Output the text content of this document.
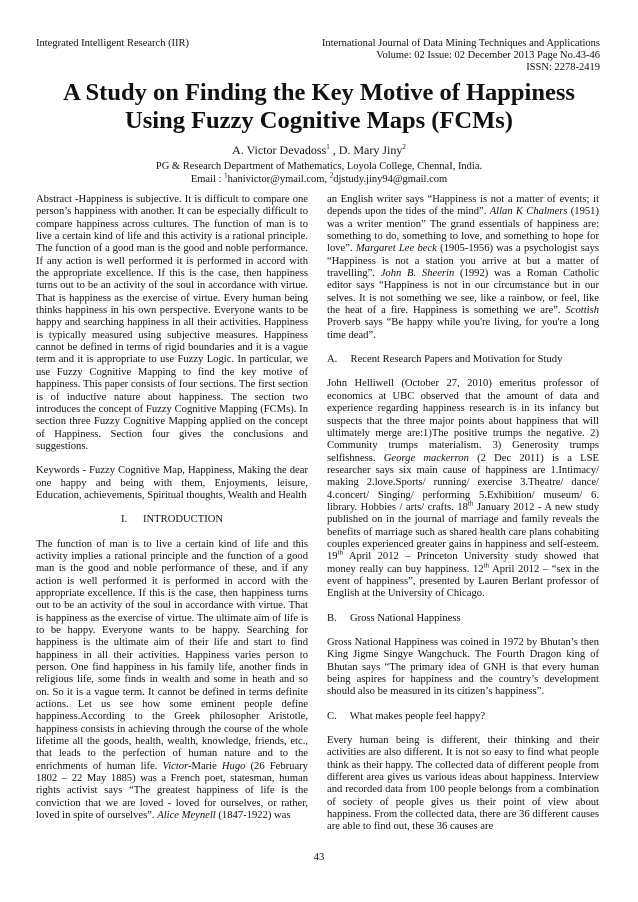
Integrated Intelligent Research (IIR)	International Journal of Data Mining Techniques and Applications
Volume: 02 Issue: 02 December 2013 Page No.43-46
ISSN: 2278-2419
A Study on Finding the Key Motive of Happiness
Using Fuzzy Cognitive Maps (FCMs)
A. Victor Devadoss$^1$ , D. Mary Jiny$^2$
PG & Research Department of Mathematics, Loyola College, ChennaI, India.
Email : $^1$hanivictor@ymail.com, $^2$djstudy.jiny94@gmail.com

Abstract -Happiness is subjective. It is difficult to compare one person’s happiness with another. It can be especially difficult to compare happiness across cultures. The function of man is to live a certain kind of life and this activity is a rational principle. The function of a good man is the good and noble performance. If any action is well performed it is performed in accord with the appropriate excellence. If this is the case, then happiness turns out to be an activity of the soul in accordance with virtue. That is happiness as the exercise of virtue. Every human being thinks happiness in his own perspective. Everyone wants to be happy and searching happiness in all their activities. Happiness is typically measured using subjective measures. Happiness cannot be defined in terms of rigid boundaries and it is a vague term and it is appropriate to use Fuzzy Logic. In particular, we use Fuzzy Cognitive Mapping to find the key motive of happiness. This paper consists of four sections. The first section is of inductive nature about happiness. The section two introduces the concept of Fuzzy Cognitive Mapping (FCMs). In section three Fuzzy Cognitive Mapping applied on the concept of Happiness. Section four gives the conclusions and suggestions.

Keywords - Fuzzy Cognitive Map, Happiness, Making the dear one happy and being with them, Enjoyments, leisure, Education, achievements, Spiritual thoughts, Wealth and Health

I.      INTRODUCTION

The function of man is to live a certain kind of life and this activity implies a rational principle and the function of a good man is the good and noble performance of these, and if any action is well performed it is performed in accord with the appropriate excellence. If this is the case, then happiness turns out to be an activity of the soul in accordance with virtue. That is happiness as the exercise of virtue. The ultimate aim of life is to be happy. Everyone wants to be happy. Searching for happiness is the ultimate aim of their life and start to find happiness in all their activities. Happiness varies person to person. One find happiness in his family life, another finds in religious life, some finds in wealth and some in heath and so on. So it is a vague term. It cannot be defined in terms definite actions. Let us see how some eminent people define happiness.According to the Greek philosopher Aristotle, happiness consists in achieving through the course of the whole lifetime all the goods, health, wealth, knowledge, friends, etc., that leads to the perfection of human nature and to the enrichments of human life. Victor-Marie Hugo (26 February 1802 – 22 May 1885) was a French poet, statesman, human rights activist says “The greatest happiness of life is the conviction that we are loved - loved for ourselves, or rather, loved in spite of ourselves”. Alice Meynell (1847-1922) was

an English writer says “Happiness is not a matter of events; it depends upon the tides of the mind”. Allan K Chalmers (1951) was a writer mention” The grand essentials of happiness are: something to do, something to love, and something to hope for love”. Margaret Lee beck (1905-1956) was a psychologist says “Happiness is not a station you arrive at but a matter of travelling”. John B. Sheerin (1992) was a Roman Catholic editor says “Happiness is not in our circumstance but in our selves. It is not something we see, like a rainbow, or feel, like the heat of a fire. Happiness is something we are”. Scottish Proverb says “Be happy while you're living, for you're a long time dead”.

A.     Recent Research Papers and Motivation for Study

John Helliwell (October 27, 2010) emeritus professor of economics at UBC observed that the amount of data and experience regarding happiness research is in its infancy but suspects that the three major points about happiness that will ultimately merge are:1)The positive trumps the negative. 2) Community trumps materialism. 3) Generosity trumps selfishness. George mackerron (2 Dec 2011) is a LSE researcher says six main cause of happiness are 1.Intimacy/ making 2.love.Sports/ running/ exercise 3.Theatre/ dance/ 4.concert/ Singing/ performing 5.Exhibition/ museum/ 6. library. Hobbies / arts/ crafts. 18th January 2012 - A new study published on in the journal of marriage and family reveals the benefits of marriage such as shared health care plans cohabiting couples experienced greater gains in happiness and self-esteem. 19th April 2012 – Princeton University study showed that money really can buy happiness. 12th April 2012 – “sex in the event of happiness”, presented by Lauren Berlant professor of English at the University of Chicago.

B.     Gross National Happiness

Gross National Happiness was coined in 1972 by Bhutan’s then King Jigme Singye Wangchuck. The Fourth Dragon king of Bhutan says “The primary idea of GNH is that every human being aspires for happiness and the country’s development should also be measured in its citizen’s happiness”.

C.     What makes people feel happy?

Every human being is different, their thinking and their activities are also different. It is not so easy to find what people think as their happy. The collected data of different people from different area gives us various ideas about happiness. Interview and recorded data from 100 people belongs from a combination of society of people gives us their point of view about happiness. From the collected data, there are 36 different causes are able to find out, these 36 causes are

43
